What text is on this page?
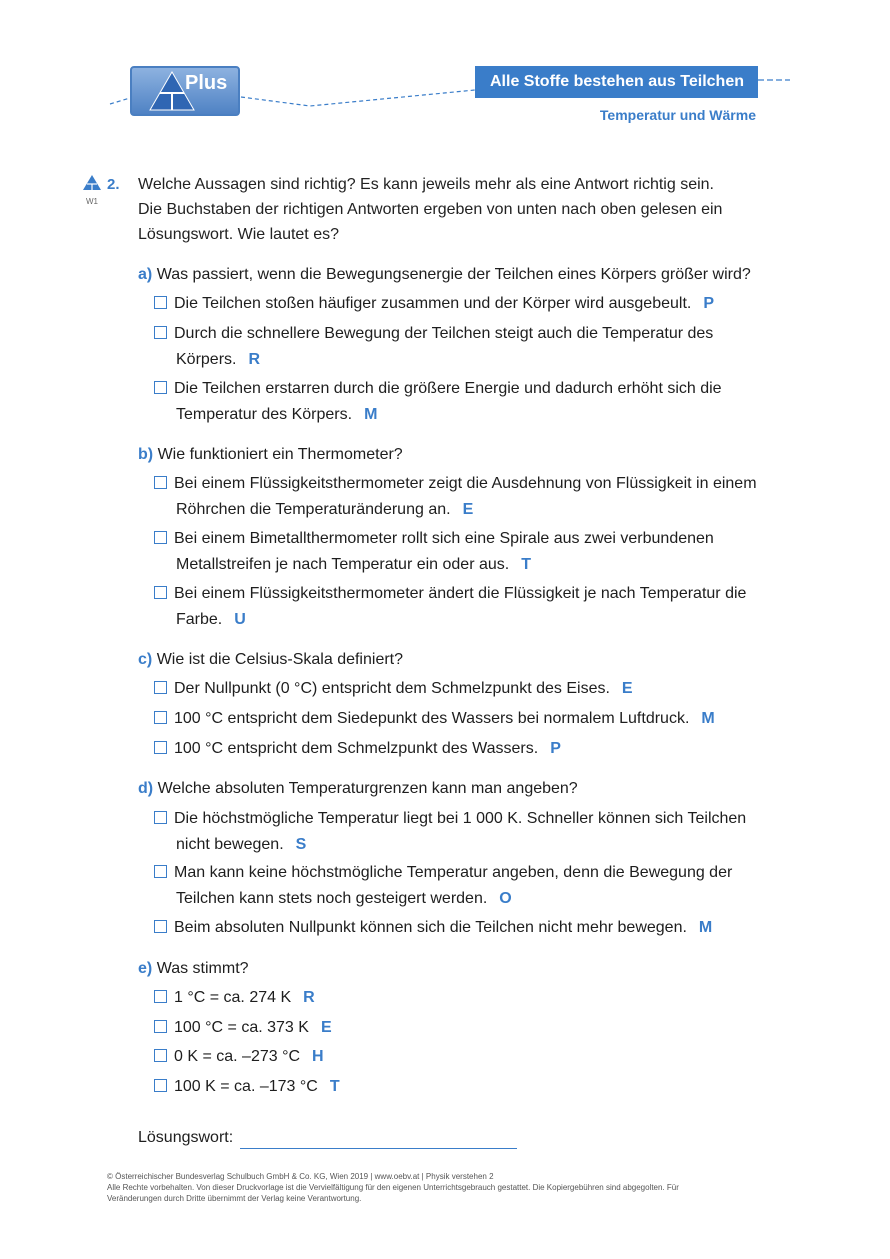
Plus	Alle Stoffe bestehen aus Teilchen
Temperatur und Wärme
W1
2. Welche Aussagen sind richtig? Es kann jeweils mehr als eine Antwort richtig sein.
Die Buchstaben der richtigen Antworten ergeben von unten nach oben gelesen ein
Lösungswort. Wie lautet es?
a) Was passiert, wenn die Bewegungsenergie der Teilchen eines Körpers größer wird?
Die Teilchen stoßen häufiger zusammen und der Körper wird ausgebeult. P
Durch die schnellere Bewegung der Teilchen steigt auch die Temperatur des
Körpers. R
Die Teilchen erstarren durch die größere Energie und dadurch erhöht sich die
Temperatur des Körpers. M
b) Wie funktioniert ein Thermometer?
Bei einem Flüssigkeitsthermometer zeigt die Ausdehnung von Flüssigkeit in einem
Röhrchen die Temperaturänderung an. E
Bei einem Bimetallthermometer rollt sich eine Spirale aus zwei verbundenen
Metallstreifen je nach Temperatur ein oder aus. T
Bei einem Flüssigkeitsthermometer ändert die Flüssigkeit je nach Temperatur die
Farbe. U
c) Wie ist die Celsius-Skala definiert?
Der Nullpunkt (0 °C) entspricht dem Schmelzpunkt des Eises. E
100 °C entspricht dem Siedepunkt des Wassers bei normalem Luftdruck. M
100 °C entspricht dem Schmelzpunkt des Wassers. P
d) Welche absoluten Temperaturgrenzen kann man angeben?
Die höchstmögliche Temperatur liegt bei 1 000 K. Schneller können sich Teilchen
nicht bewegen. S
Man kann keine höchstmögliche Temperatur angeben, denn die Bewegung der
Teilchen kann stets noch gesteigert werden. O
Beim absoluten Nullpunkt können sich die Teilchen nicht mehr bewegen. M
e) Was stimmt?
1 °C = ca. 274 K R
100 °C = ca. 373 K E
0 K = ca. –273 °C H
100 K = ca. –173 °C T
Lösungswort:
© Österreichischer Bundesverlag Schulbuch GmbH & Co. KG, Wien 2019 | www.oebv.at | Physik verstehen 2
Alle Rechte vorbehalten. Von dieser Druckvorlage ist die Vervielfältigung für den eigenen Unterrichtsgebrauch gestattet. Die Kopiergebühren sind abgegolten. Für
Veränderungen durch Dritte übernimmt der Verlag keine Verantwortung.
